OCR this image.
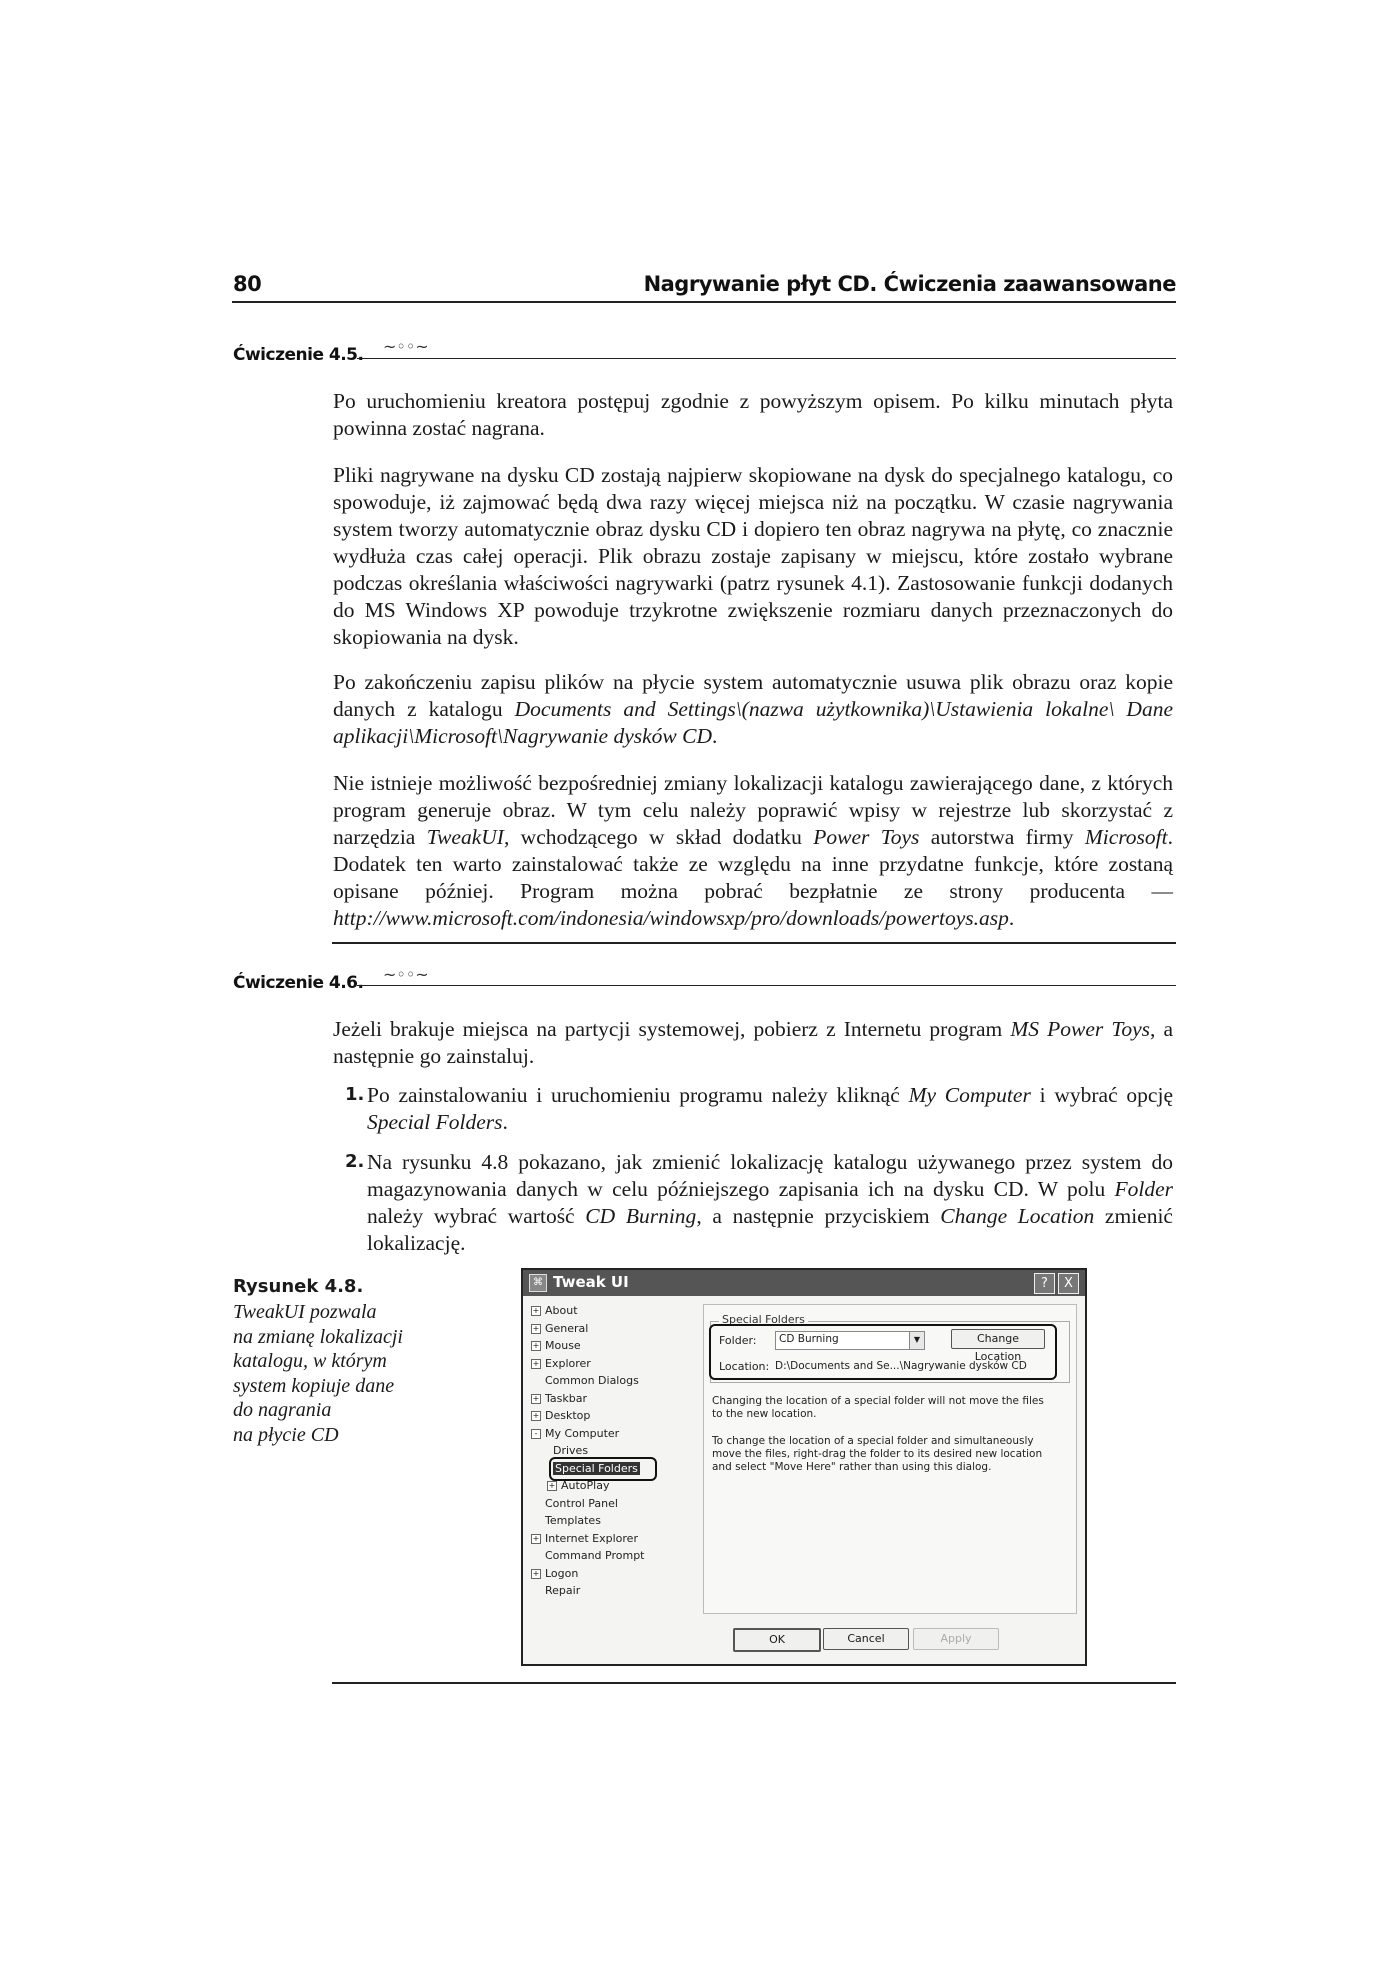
80	Nagrywanie płyt CD. Ćwiczenia zaawansowane
Ćwiczenie 4.5. ~◦◦~
Po uruchomieniu kreatora postępuj zgodnie z powyższym opisem. Po kilku minutach płyta powinna zostać nagrana.
Pliki nagrywane na dysku CD zostają najpierw skopiowane na dysk do specjalnego katalogu, co spowoduje, iż zajmować będą dwa razy więcej miejsca niż na początku. W czasie nagrywania system tworzy automatycznie obraz dysku CD i dopiero ten obraz nagrywa na płytę, co znacznie wydłuża czas całej operacji. Plik obrazu zostaje zapisany w miejscu, które zostało wybrane podczas określania właściwości nagrywarki (patrz rysunek 4.1). Zastosowanie funkcji dodanych do MS Windows XP powoduje trzykrotne zwiększenie rozmiaru danych przeznaczonych do skopiowania na dysk.
Po zakończeniu zapisu plików na płycie system automatycznie usuwa plik obrazu oraz kopie danych z katalogu Documents and Settings\(nazwa użytkownika)\Ustawienia lokalne\ Dane aplikacji\Microsoft\Nagrywanie dysków CD.
Nie istnieje możliwość bezpośredniej zmiany lokalizacji katalogu zawierającego dane, z których program generuje obraz. W tym celu należy poprawić wpisy w rejestrze lub skorzystać z narzędzia TweakUI, wchodzącego w skład dodatku Power Toys autorstwa firmy Microsoft. Dodatek ten warto zainstalować także ze względu na inne przydatne funkcje, które zostaną opisane później. Program można pobrać bezpłatnie ze strony producenta — http://www.microsoft.com/indonesia/windowsxp/pro/downloads/powertoys.asp.
Ćwiczenie 4.6. ~◦◦~
Jeżeli brakuje miejsca na partycji systemowej, pobierz z Internetu program MS Power Toys, a następnie go zainstaluj.
1. Po zainstalowaniu i uruchomieniu programu należy kliknąć My Computer i wybrać opcję Special Folders.
2. Na rysunku 4.8 pokazano, jak zmienić lokalizację katalogu używanego przez system do magazynowania danych w celu późniejszego zapisania ich na dysku CD. W polu Folder należy wybrać wartość CD Burning, a następnie przyciskiem Change Location zmienić lokalizację.
Rysunek 4.8.
TweakUI pozwala
na zmianę lokalizacji
katalogu, w którym
system kopiuje dane
do nagrania
na płycie CD
⌘ Tweak UI	?	X
+ About
+ General
+ Mouse
+ Explorer
Common Dialogs
+ Taskbar
+ Desktop
- My Computer
Drives
Special Folders
+ AutoPlay
Control Panel
Templates
+ Internet Explorer
Command Prompt
+ Logon
Repair
Special Folders
Folder:	CD Burning	▼	Change Location
Location: D:\Documents and Se...\Nagrywanie dysków CD
Changing the location of a special folder will not move the files to the new location.
To change the location of a special folder and simultaneously move the files, right-drag the folder to its desired new location and select "Move Here" rather than using this dialog.
OK	Cancel	Apply
